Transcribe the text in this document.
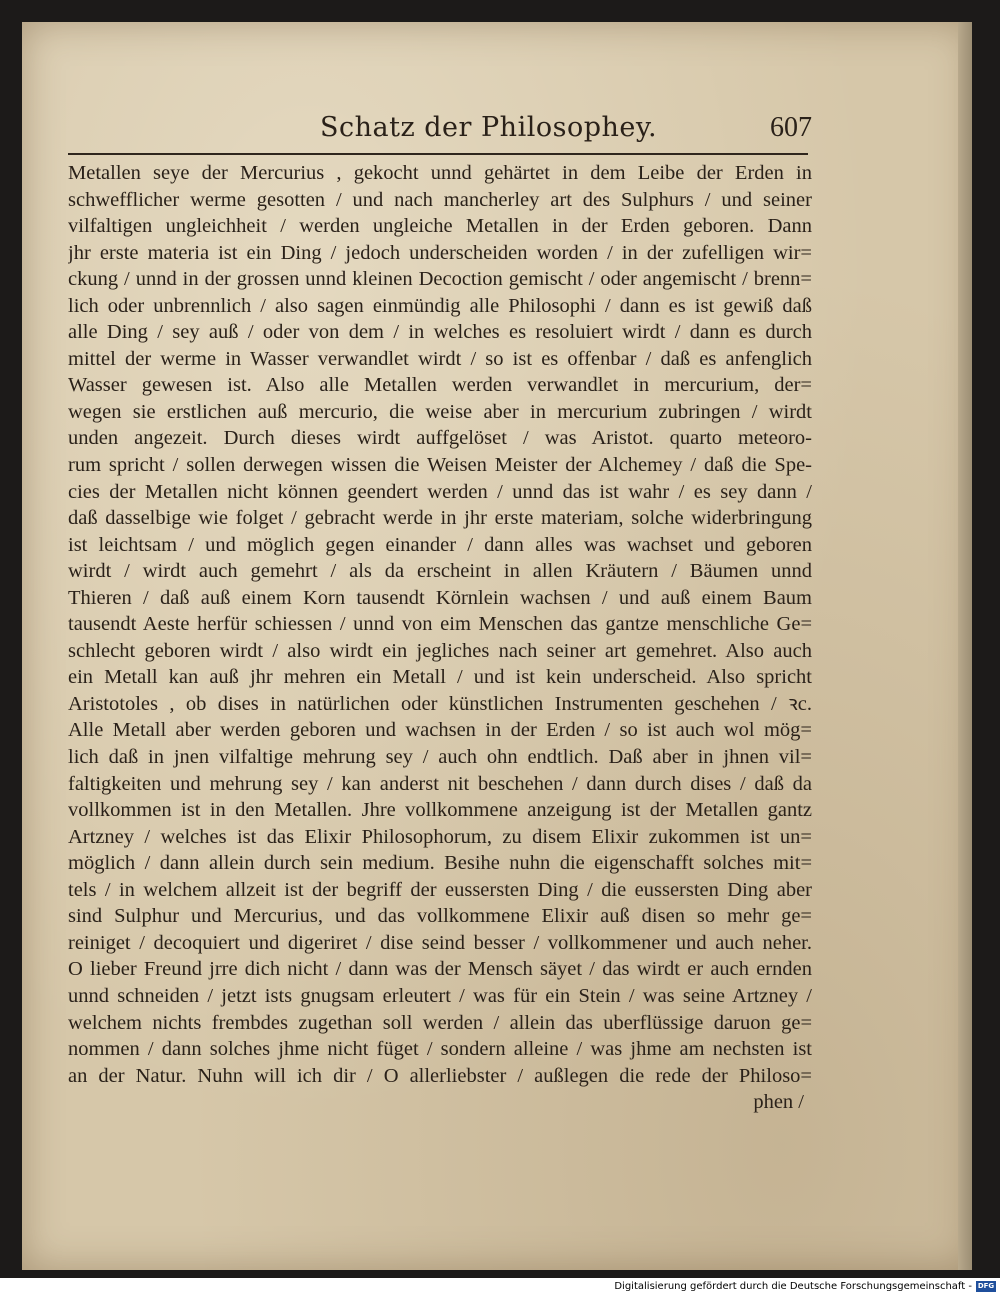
Schatz der Philosophey.	607
Metallen seye der Mercurius , gekocht unnd gehärtet in dem Leibe der Erden in
schwefflicher werme gesotten / und nach mancherley art des Sulphurs / und seiner
vilfaltigen ungleichheit / werden ungleiche Metallen in der Erden geboren. Dann
jhr erste materia ist ein Ding / jedoch underscheiden worden / in der zufelligen wir=
ckung / unnd in der grossen unnd kleinen Decoction gemischt / oder angemischt / brenn=
lich oder unbrennlich / also sagen einmündig alle Philosophi / dann es ist gewiß daß
alle Ding / sey auß / oder von dem / in welches es resoluiert wirdt / dann es durch
mittel der werme in Wasser verwandlet wirdt / so ist es offenbar / daß es anfenglich
Wasser gewesen ist. Also alle Metallen werden verwandlet in mercurium, der=
wegen sie erstlichen auß mercurio, die weise aber in mercurium zubringen / wirdt
unden angezeit. Durch dieses wirdt auffgelöset / was Aristot. quarto meteoro-
rum spricht / sollen derwegen wissen die Weisen Meister der Alchemey / daß die Spe-
cies der Metallen nicht können geendert werden / unnd das ist wahr / es sey dann /
daß dasselbige wie folget / gebracht werde in jhr erste materiam, solche widerbringung
ist leichtsam / und möglich gegen einander / dann alles was wachset und geboren
wirdt / wirdt auch gemehrt / als da erscheint in allen Kräutern / Bäumen unnd
Thieren / daß auß einem Korn tausendt Körnlein wachsen / und auß einem Baum
tausendt Aeste herfür schiessen / unnd von eim Menschen das gantze menschliche Ge=
schlecht geboren wirdt / also wirdt ein jegliches nach seiner art gemehret. Also auch
ein Metall kan auß jhr mehren ein Metall / und ist kein underscheid. Also spricht
Aristotoles , ob dises in natürlichen oder künstlichen Instrumenten geschehen / ꝛc.
Alle Metall aber werden geboren und wachsen in der Erden / so ist auch wol mög=
lich daß in jnen vilfaltige mehrung sey / auch ohn endtlich. Daß aber in jhnen vil=
faltigkeiten und mehrung sey / kan anderst nit beschehen / dann durch dises / daß da
vollkommen ist in den Metallen. Jhre vollkommene anzeigung ist der Metallen gantz
Artzney / welches ist das Elixir Philosophorum, zu disem Elixir zukommen ist un=
möglich / dann allein durch sein medium. Besihe nuhn die eigenschafft solches mit=
tels / in welchem allzeit ist der begriff der eussersten Ding / die eussersten Ding aber
sind Sulphur und Mercurius, und das vollkommene Elixir auß disen so mehr ge=
reiniget / decoquiert und digeriret / dise seind besser / vollkommener und auch neher.
O lieber Freund jrre dich nicht / dann was der Mensch säyet / das wirdt er auch ernden
unnd schneiden / jetzt ists gnugsam erleutert / was für ein Stein / was seine Artzney /
welchem nichts frembdes zugethan soll werden / allein das uberflüssige daruon ge=
nommen / dann solches jhme nicht füget / sondern alleine / was jhme am nechsten ist
an der Natur. Nuhn will ich dir / O allerliebster / außlegen die rede der Philoso=
phen /
Digitalisierung gefördert durch die Deutsche Forschungsgemeinschaft - DFG
